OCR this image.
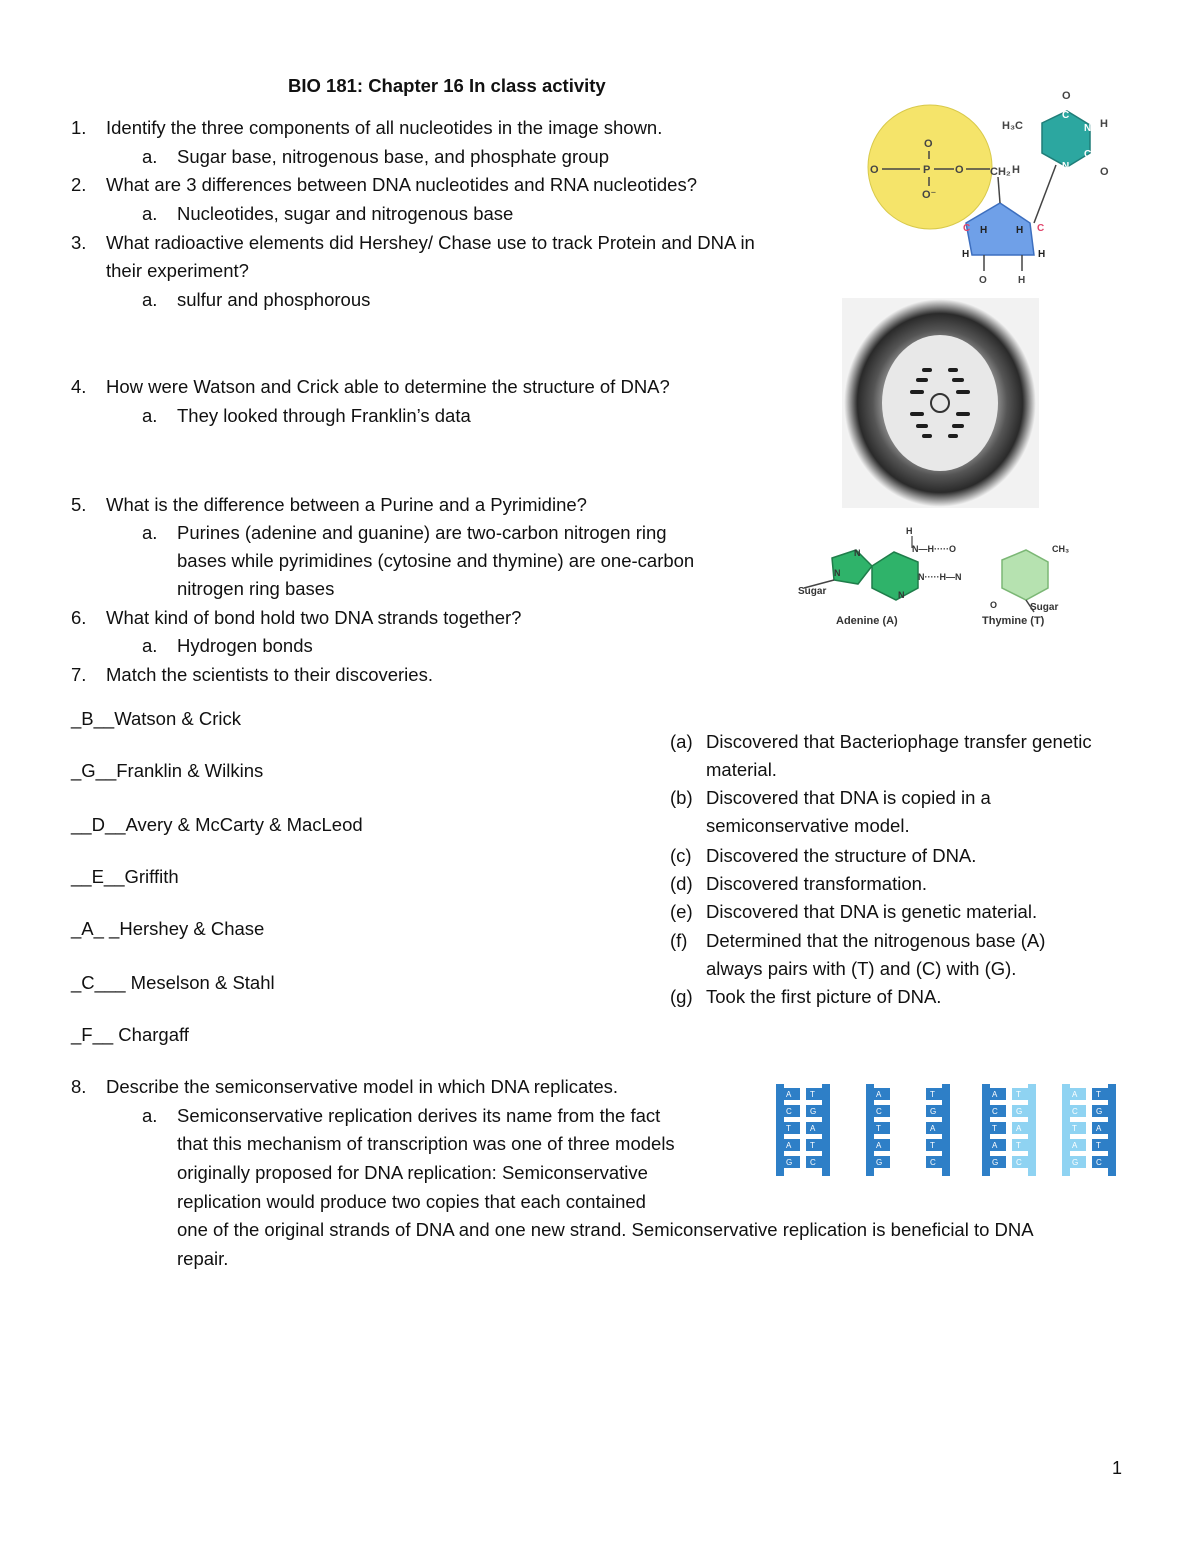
BIO 181: Chapter 16 In class activity
1. Identify the three components of all nucleotides in the image shown.
a. Sugar base, nitrogenous base, and phosphate group
2. What are 3 differences between DNA nucleotides and RNA nucleotides?
a. Nucleotides, sugar and nitrogenous base
3. What radioactive elements did Hershey/ Chase use to track Protein and DNA in
their experiment?
a. sulfur and phosphorous
4. How were Watson and Crick able to determine the structure of DNA?
a. They looked through Franklin’s data
5. What is the difference between a Purine and a Pyrimidine?
a. Purines (adenine and guanine) are two-carbon nitrogen ring
bases while pyrimidines (cytosine and thymine) are one-carbon
nitrogen ring bases
6. What kind of bond hold two DNA strands together?
a. Hydrogen bonds
7. Match the scientists to their discoveries.
_B__Watson & Crick
_G__Franklin & Wilkins
__D__Avery & McCarty & MacLeod
__E__Griffith
_A_ _Hershey & Chase
_C___ Meselson & Stahl
_F__ Chargaff
(a) Discovered that Bacteriophage transfer genetic
material.
(b) Discovered that DNA is copied in a
semiconservative model.
(c) Discovered the structure of DNA.
(d) Discovered transformation.
(e) Discovered that DNA is genetic material.
(f) Determined that the nitrogenous base (A)
always pairs with (T) and (C) with (G).
(g) Took the first picture of DNA.
8. Describe the semiconservative model in which DNA replicates.
a. Semiconservative replication derives its name from the fact
that this mechanism of transcription was one of three models
originally proposed for DNA replication: Semiconservative
replication would produce two copies that each contained
one of the original strands of DNA and one new strand. Semiconservative replication is beneficial to DNA
repair.
O
O	P O
O⁻
CH₂
H	H
C	C
H	H
O	H
H₃C
O
C
C
N H
H
C
N	O
H
N—H·····O	CH₃
N
N	N·····H—N
N
Sugar
O	Sugar
Adenine (A)	Thymine (T)
A T
C G
T A
A T
G C
A
C
T
A
G
T
G
A
T
C
A T
C G
T A
A T
G C
A T
C G
T A
A T
G C
1
